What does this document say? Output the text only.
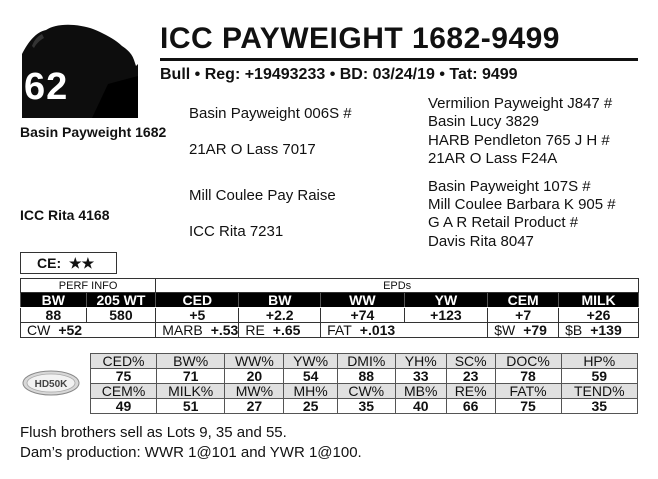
62
ICC PAYWEIGHT 1682-9499
Bull • Reg: +19493233 • BD: 03/24/19 • Tat: 9499
Basin Payweight 1682
ICC Rita 4168
Basin Payweight 006S #
21AR O Lass 7017
Mill Coulee Pay Raise
ICC Rita 7231
Vermilion Payweight J847 #
Basin Lucy 3829
HARB Pendleton 765 J H #
21AR O Lass F24A
Basin Payweight 107S #
Mill Coulee Barbara K 905 #
G A R Retail Product #
Davis Rita 8047
CE: ★★
PERF INFO		EPDs					
BW	205 WT	CED	BW	WW	YW	CEM	MILK
88	580	+5	+2.2	+74	+123	+7	+26
CW +52		MARB +.53	RE +.65	FAT +.013		$W +79	$B +139
HD50K
CED%	BW%	WW%	YW%	DMI%	YH%	SC%	DOC%	HP%
75	71	20	54	88	33	23	78	59
CEM%	MILK%	MW%	MH%	CW%	MB%	RE%	FAT%	TEND%
49	51	27	25	35	40	66	75	35
Flush brothers sell as Lots 9, 35 and 55.
Dam’s production: WWR 1@101 and YWR 1@100.
